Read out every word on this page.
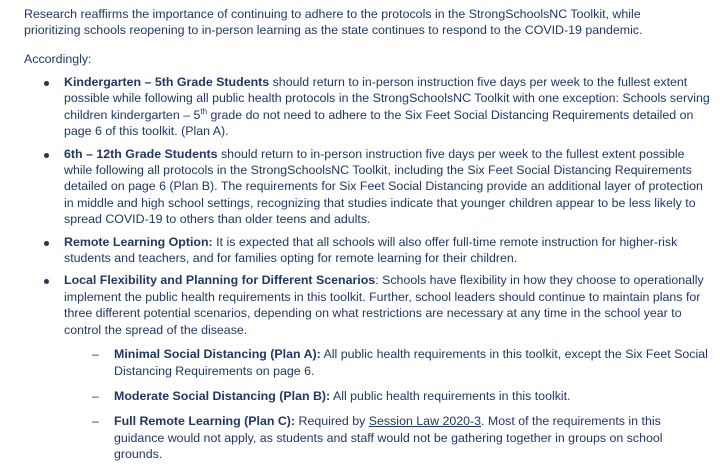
Research reaffirms the importance of continuing to adhere to the protocols in the StrongSchoolsNC Toolkit, while
prioritizing schools reopening to in-person learning as the state continues to respond to the COVID-19 pandemic.
Accordingly:
Kindergarten – 5th Grade Students should return to in-person instruction five days per week to the fullest extent possible while following all public health protocols in the StrongSchoolsNC Toolkit with one exception: Schools serving children kindergarten – 5th grade do not need to adhere to the Six Feet Social Distancing Requirements detailed on page 6 of this toolkit. (Plan A).
6th – 12th Grade Students should return to in-person instruction five days per week to the fullest extent possible while following all protocols in the StrongSchoolsNC Toolkit, including the Six Feet Social Distancing Requirements detailed on page 6 (Plan B). The requirements for Six Feet Social Distancing provide an additional layer of protection in middle and high school settings, recognizing that studies indicate that younger children appear to be less likely to spread COVID-19 to others than older teens and adults.
Remote Learning Option: It is expected that all schools will also offer full-time remote instruction for higher-risk students and teachers, and for families opting for remote learning for their children.
Local Flexibility and Planning for Different Scenarios: Schools have flexibility in how they choose to operationally implement the public health requirements in this toolkit. Further, school leaders should continue to maintain plans for three different potential scenarios, depending on what restrictions are necessary at any time in the school year to control the spread of the disease.
– Minimal Social Distancing (Plan A): All public health requirements in this toolkit, except the Six Feet Social Distancing Requirements on page 6.
– Moderate Social Distancing (Plan B): All public health requirements in this toolkit.
– Full Remote Learning (Plan C): Required by Session Law 2020-3. Most of the requirements in this guidance would not apply, as students and staff would not be gathering together in groups on school grounds.
